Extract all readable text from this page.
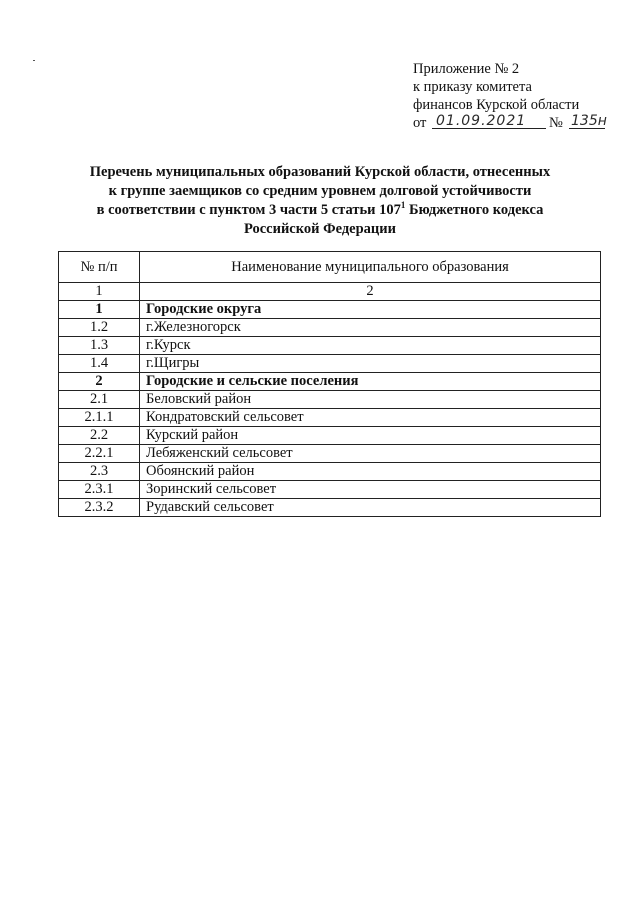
Приложение № 2
к приказу комитета
финансов Курской области
от 01.09.2021	№ 135н
Перечень муниципальных образований Курской области, отнесенных
к группе заемщиков со средним уровнем долговой устойчивости
в соответствии с пунктом 3 части 5 статьи $107^1$ Бюджетного кодекса
Российской Федерации
№ п/п	Наименование муниципального образования
1	2
1	Городские округа
1.2	г.Железногорск
1.3	г.Курск
1.4	г.Щигры
2	Городские и сельские поселения
2.1	Беловский район
2.1.1	Кондратовский сельсовет
2.2	Курский район
2.2.1	Лебяженский сельсовет
2.3	Обоянский район
2.3.1	Зоринский сельсовет
2.3.2	Рудавский сельсовет
